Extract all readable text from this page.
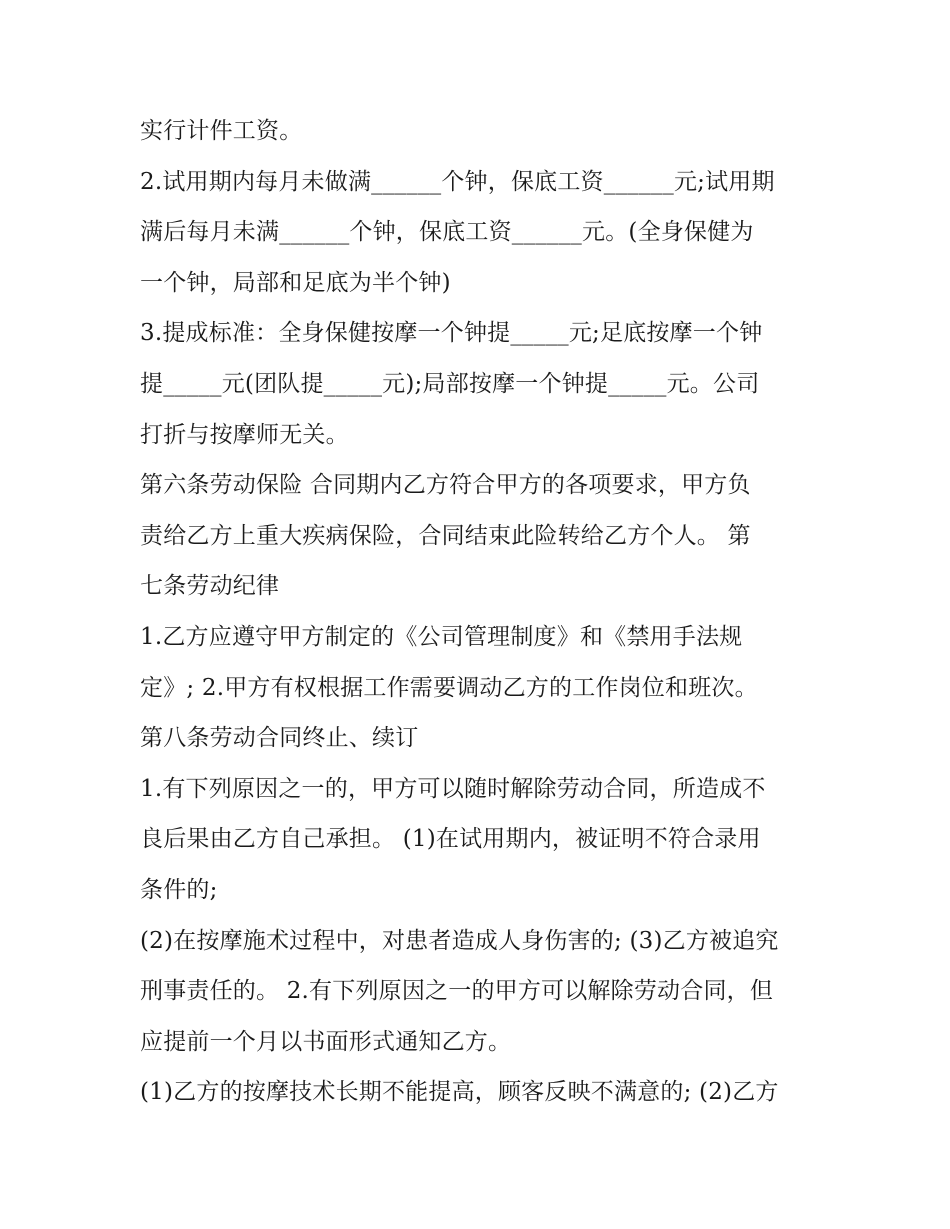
实行计件工资。
2.试用期内每月未做满______个钟，保底工资______元;试用期
满后每月未满______个钟，保底工资______元。(全身保健为
一个钟，局部和足底为半个钟)
3.提成标准：全身保健按摩一个钟提_____元;足底按摩一个钟
提_____元(团队提_____元);局部按摩一个钟提_____元。公司
打折与按摩师无关。
第六条劳动保险 合同期内乙方符合甲方的各项要求，甲方负
责给乙方上重大疾病保险，合同结束此险转给乙方个人。 第
七条劳动纪律
1.乙方应遵守甲方制定的《公司管理制度》和《禁用手法规
定》; 2.甲方有权根据工作需要调动乙方的工作岗位和班次。
第八条劳动合同终止、续订
1.有下列原因之一的，甲方可以随时解除劳动合同，所造成不
良后果由乙方自己承担。 (1)在试用期内，被证明不符合录用
条件的;
(2)在按摩施术过程中，对患者造成人身伤害的; (3)乙方被追究
刑事责任的。 2.有下列原因之一的甲方可以解除劳动合同，但
应提前一个月以书面形式通知乙方。
(1)乙方的按摩技术长期不能提高，顾客反映不满意的; (2)乙方
